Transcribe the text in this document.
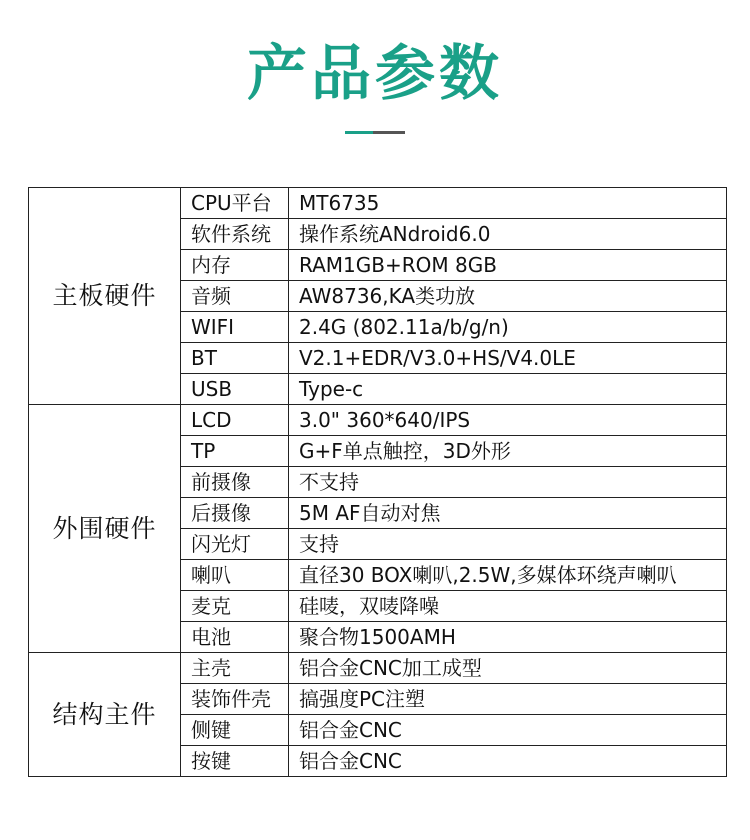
产品参数
主板硬件	CPU平台	MT6735
	软件系统	操作系统ANdroid6.0
	内存	RAM1GB+ROM 8GB
	音频	AW8736,KA类功放
	WIFI	2.4G (802.11a/b/g/n)
	BT	V2.1+EDR/V3.0+HS/V4.0LE
	USB	Type-c
外围硬件	LCD	3.0" 360*640/IPS
	TP	G+F单点触控，3D外形
	前摄像	不支持
	后摄像	5M AF自动对焦
	闪光灯	支持
	喇叭	直径30 BOX喇叭,2.5W,多媒体环绕声喇叭
	麦克	硅唛，双唛降噪
	电池	聚合物1500AMH
结构主件	主壳	铝合金CNC加工成型
	装饰件壳	搞强度PC注塑
	侧键	铝合金CNC
	按键	铝合金CNC
